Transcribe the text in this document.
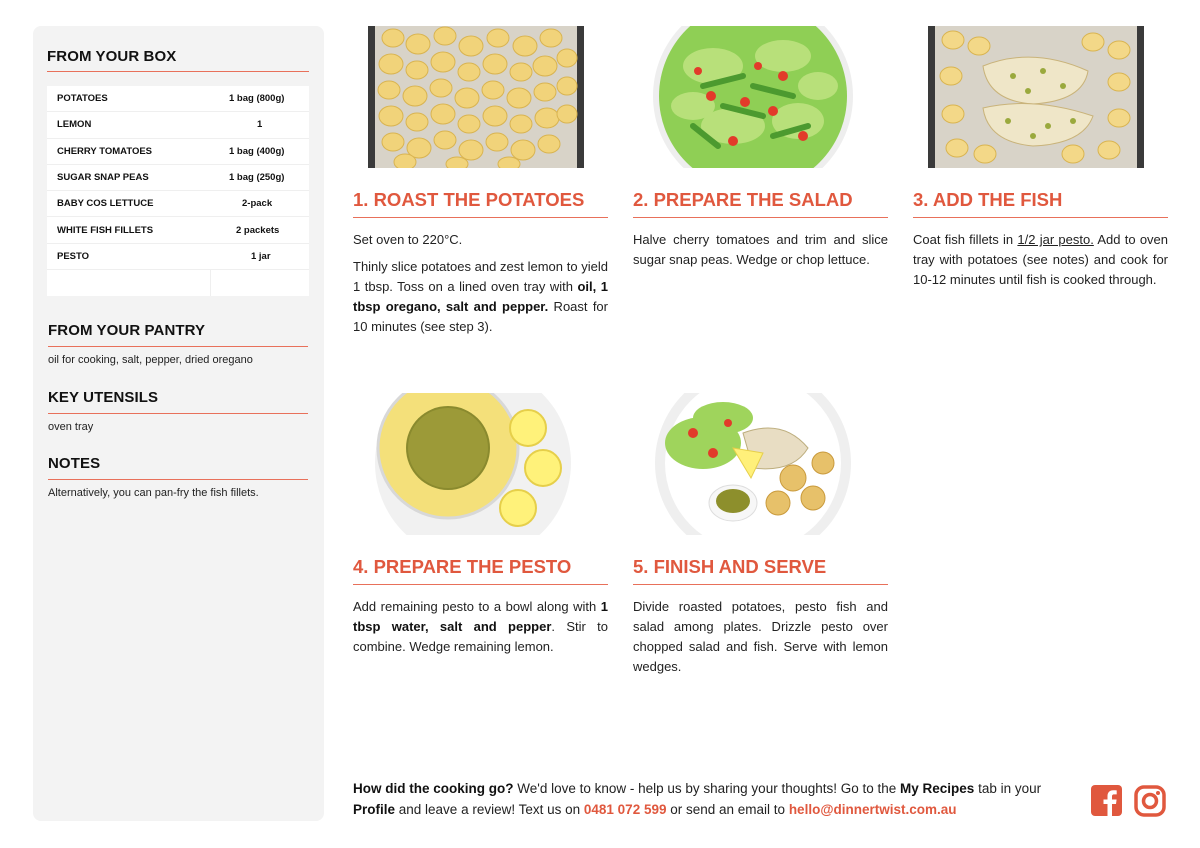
FROM YOUR BOX
POTATOES	1 bag (800g)
LEMON	1
CHERRY TOMATOES	1 bag (400g)
SUGAR SNAP PEAS	1 bag (250g)
BABY COS LETTUCE	2-pack
WHITE FISH FILLETS	2 packets
PESTO	1 jar
FROM YOUR PANTRY
oil for cooking, salt, pepper, dried oregano
KEY UTENSILS
oven tray
NOTES
Alternatively, you can pan-fry the fish fillets.
1. ROAST THE POTATOES

Set oven to 220°C.

Thinly slice potatoes and zest lemon to yield 1 tbsp. Toss on a lined oven tray with oil, 1 tbsp oregano, salt and pepper. Roast for 10 minutes (see step 3).

2. PREPARE THE SALAD

Halve cherry tomatoes and trim and slice sugar snap peas. Wedge or chop lettuce.

3. ADD THE FISH

Coat fish fillets in 1/2 jar pesto. Add to oven tray with potatoes (see notes) and cook for 10-12 minutes until fish is cooked through.

4. PREPARE THE PESTO

Add remaining pesto to a bowl along with 1 tbsp water, salt and pepper. Stir to combine. Wedge remaining lemon.

5. FINISH AND SERVE

Divide roasted potatoes, pesto fish and salad among plates. Drizzle pesto over chopped salad and fish. Serve with lemon wedges.

How did the cooking go? We'd love to know - help us by sharing your thoughts! Go to the My Recipes tab in your Profile and leave a review! Text us on 0481 072 599 or send an email to hello@dinnertwist.com.au
